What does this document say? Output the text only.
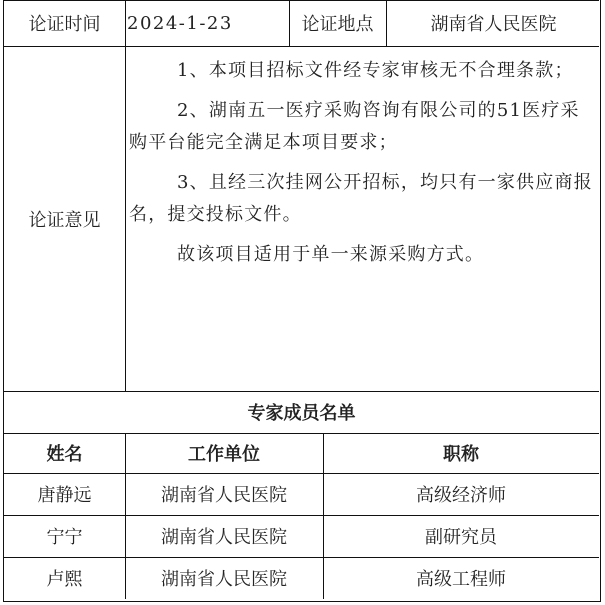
论证时间	2024-1-23	论证地点	湖南省人民医院
论证意见

1、本项目招标文件经专家审核无不合理条款；

2、湖南五一医疗采购咨询有限公司的51医疗采购平台能完全满足本项目要求；

3、且经三次挂网公开招标，均只有一家供应商报名，提交投标文件。

故该项目适用于单一来源采购方式。

专家成员名单
姓名	工作单位	职称
唐静远	湖南省人民医院	高级经济师
宁宁	湖南省人民医院	副研究员
卢熙	湖南省人民医院	高级工程师
